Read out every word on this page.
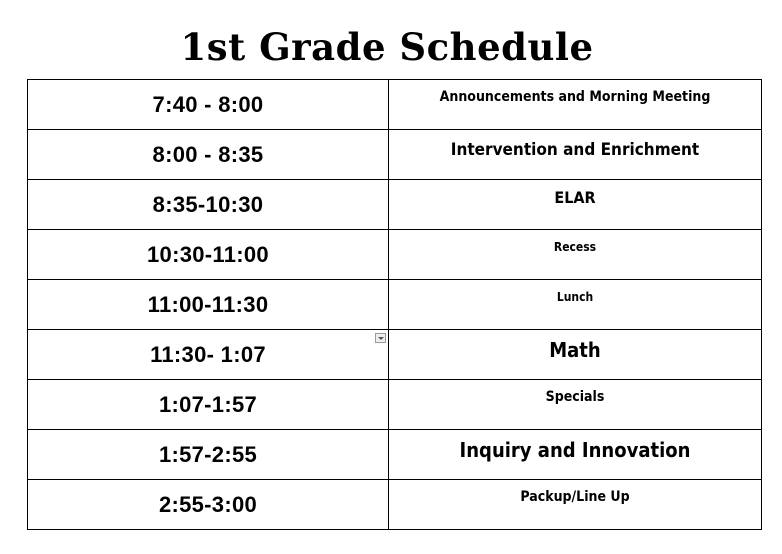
1st Grade Schedule
7:40 - 8:00	Announcements and Morning Meeting

8:00 - 8:35	Intervention and Enrichment

8:35-10:30	ELAR

10:30-11:00	Recess

11:00-11:30	Lunch

11:30- 1:07	Math

1:07-1:57	Specials

1:57-2:55	Inquiry and Innovation

2:55-3:00	Packup/Line Up
